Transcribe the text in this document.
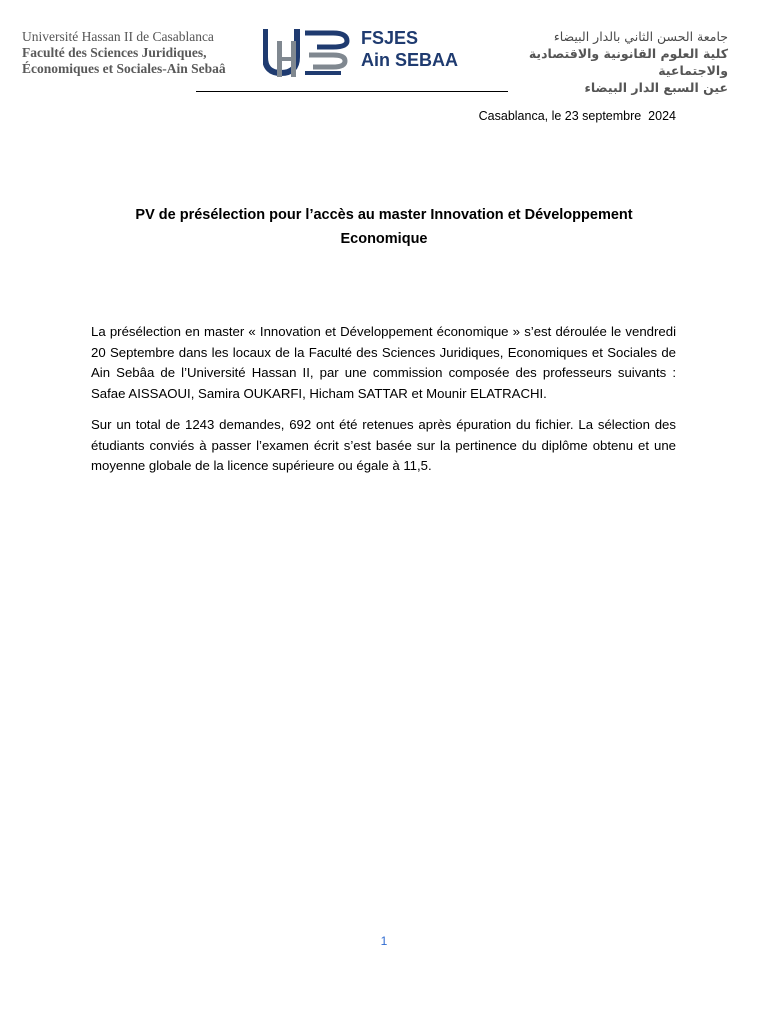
Université Hassan II de Casablanca
Faculté des Sciences Juridiques,
Économiques et Sociales-Ain Sebaâ
FSJES
Ain SEBAA
جامعة الحسن الثاني بالدار البيضاء
كلية العلوم القانونية والاقتصادية والاجتماعية
عين السبع الدار البيضاء
Casablanca, le 23 septembre  2024
PV de présélection pour l’accès au master Innovation et Développement
Economique

La présélection en master « Innovation et Développement économique » s’est déroulée le vendredi 20 Septembre dans les locaux de la Faculté des Sciences Juridiques, Economiques et Sociales de Ain Sebâa de l’Université Hassan II, par une commission composée des professeurs suivants : Safae AISSAOUI, Samira OUKARFI, Hicham SATTAR et Mounir ELATRACHI.

Sur un total de 1243 demandes, 692 ont été retenues après épuration du fichier. La sélection des étudiants conviés à passer l’examen écrit s’est basée sur la pertinence du diplôme obtenu et une moyenne globale de la licence supérieure ou égale à 11,5.

1
